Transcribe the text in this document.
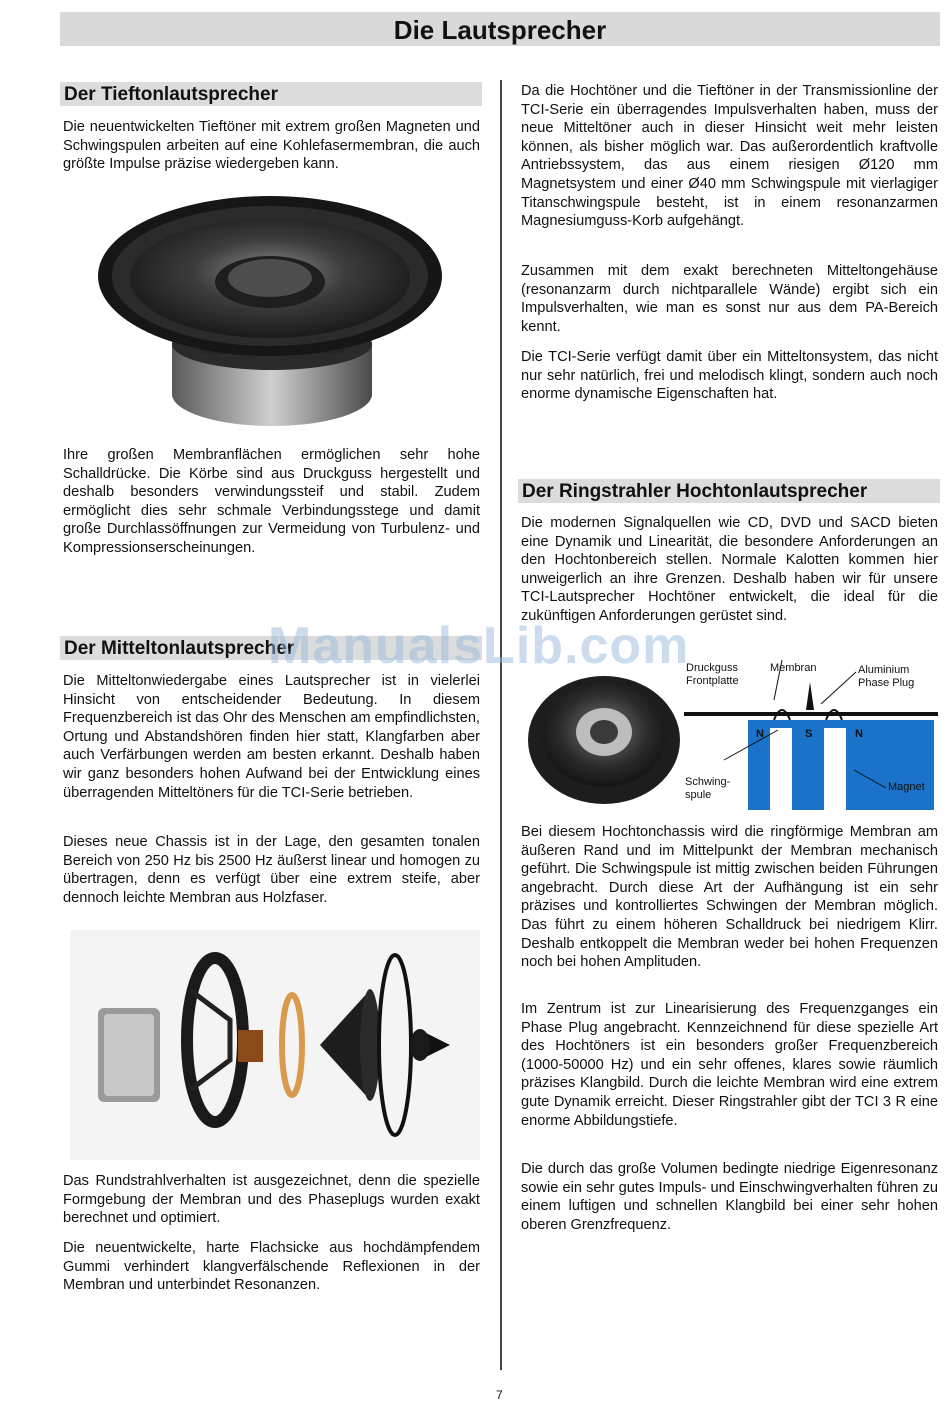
Die Lautsprecher
Der Tieftonlautsprecher

Die neuentwickelten Tieftöner mit extrem großen Magneten und Schwingspulen arbeiten auf eine Kohlefasermembran, die auch größte Impulse präzise wiedergeben kann.

Ihre großen Membranflächen ermöglichen sehr hohe Schalldrücke. Die Körbe sind aus Druckguss hergestellt und deshalb besonders verwindungssteif und stabil. Zudem ermöglicht dies sehr schmale Verbindungsstege und damit große Durchlassöffnungen zur Vermeidung von Turbulenz- und Kompressionserscheinungen.

Der Mitteltonlautsprecher

Die Mitteltonwiedergabe eines Lautsprecher ist in vielerlei Hinsicht von entscheidender Bedeutung. In diesem Frequenzbereich ist das Ohr des Menschen am empfindlichsten, Ortung und Abstandshören finden hier statt, Klangfarben aber auch Verfärbungen werden am besten erkannt. Deshalb haben wir ganz besonders hohen Aufwand bei der Entwicklung eines überragenden Mitteltöners für die TCI-Serie betrieben.

Dieses neue Chassis ist in der Lage, den gesamten tonalen Bereich von 250 Hz bis 2500 Hz äußerst linear und homogen zu übertragen, denn es verfügt über eine extrem steife, aber dennoch leichte Membran aus Holzfaser.

Das Rundstrahlverhalten ist ausgezeichnet, denn die spezielle Formgebung der Membran und des Phaseplugs wurden exakt berechnet und optimiert.

Die neuentwickelte, harte Flachsicke aus hochdämpfendem Gummi verhindert klangverfälschende Reflexionen in der Membran und unterbindet Resonanzen.

Da die Hochtöner und die Tieftöner in der Transmissionline der TCI-Serie ein überragendes Impulsverhalten haben, muss der neue Mitteltöner auch in dieser Hinsicht weit mehr leisten können, als bisher möglich war. Das außerordentlich kraftvolle Antriebssystem, das aus einem riesigen Ø120 mm Magnetsystem und einer Ø40 mm Schwingspule mit vierlagiger Titanschwingspule besteht, ist in einem resonanzarmen Magnesiumguss-Korb aufgehängt.

Zusammen mit dem exakt berechneten Mitteltongehäuse (resonanzarm durch nichtparallele Wände) ergibt sich ein Impulsverhalten, wie man es sonst nur aus dem PA-Bereich kennt.

Die TCI-Serie verfügt damit über ein Mitteltonsystem, das nicht nur sehr natürlich, frei und melodisch klingt, sondern auch noch enorme dynamische Eigenschaften hat.

Der Ringstrahler Hochtonlautsprecher

Die modernen Signalquellen wie CD, DVD und SACD bieten eine Dynamik und Linearität, die besondere Anforderungen an den Hochtonbereich stellen. Normale Kalotten kommen hier unweigerlich an ihre Grenzen. Deshalb haben wir für unsere TCI-Lautsprecher Hochtöner entwickelt, die ideal für die zukünftigen Anforderungen gerüstet sind.

Druckguss Frontplatte
Membran	Aluminium Phase Plug
Schwing-spule
Magnet
N	S	N

Bei diesem Hochtonchassis wird die ringförmige Membran am äußeren Rand und im Mittelpunkt der Membran mechanisch geführt. Die Schwingspule ist mittig zwischen beiden Führungen angebracht. Durch diese Art der Aufhängung ist ein sehr präzises und kontrolliertes Schwingen der Membran möglich. Das führt zu einem höheren Schalldruck bei niedrigem Klirr. Deshalb entkoppelt die Membran weder bei hohen Frequenzen noch bei hohen Amplituden.

Im Zentrum ist zur Linearisierung des Frequenzganges ein Phase Plug angebracht. Kennzeichnend für diese spezielle Art des Hochtöners ist ein besonders großer Frequenzbereich (1000-50000 Hz) und ein sehr offenes, klares sowie räumlich präzises Klangbild. Durch die leichte Membran wird eine extrem gute Dynamik erreicht. Dieser Ringstrahler gibt der TCI 3 R eine enorme Abbildungstiefe.

Die durch das große Volumen bedingte niedrige Eigenresonanz sowie ein sehr gutes Impuls- und Einschwingverhalten führen zu einem luftigen und schnellen Klangbild bei einer sehr hohen oberen Grenzfrequenz.

ManualsLib.com
7
